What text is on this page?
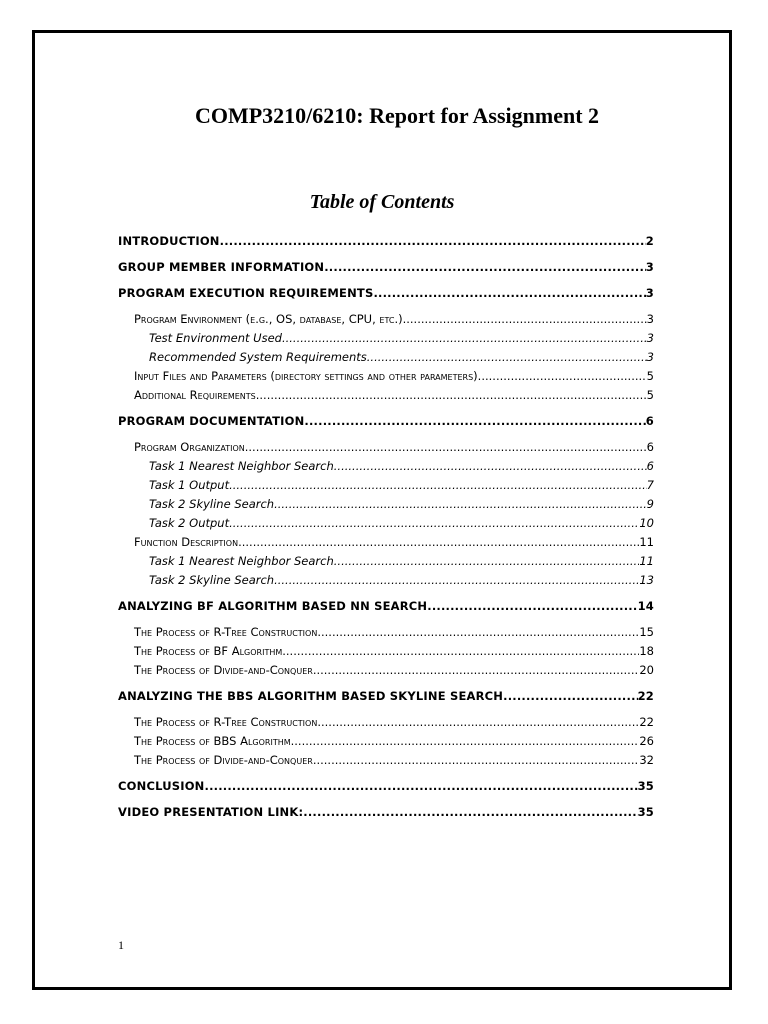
COMP3210/6210: Report for Assignment 2
Table of Contents
INTRODUCTION .....	2
GROUP MEMBER INFORMATION .....	3
PROGRAM EXECUTION REQUIREMENTS .....	3
Program Environment (e.g., OS, database, CPU, etc.) .....	3
Test Environment Used .....	3
Recommended System Requirements .....	3
Input Files and Parameters (directory settings and other parameters) .....	5
Additional Requirements .....	5
PROGRAM DOCUMENTATION .....	6
Program Organization .....	6
Task 1 Nearest Neighbor Search .....	6
Task 1 Output .....	7
Task 2 Skyline Search .....	9
Task 2 Output .....	10
Function Description .....	11
Task 1 Nearest Neighbor Search .....	11
Task 2 Skyline Search .....	13
ANALYZING BF ALGORITHM BASED NN SEARCH .....	14
The Process of R-Tree Construction .....	15
The Process of BF Algorithm .....	18
The Process of Divide-and-Conquer .....	20
ANALYZING THE BBS ALGORITHM BASED SKYLINE SEARCH .....	22
The Process of R-Tree Construction .....	22
The Process of BBS Algorithm .....	26
The Process of Divide-and-Conquer .....	32
CONCLUSION .....	35
VIDEO PRESENTATION LINK: .....	35
1
